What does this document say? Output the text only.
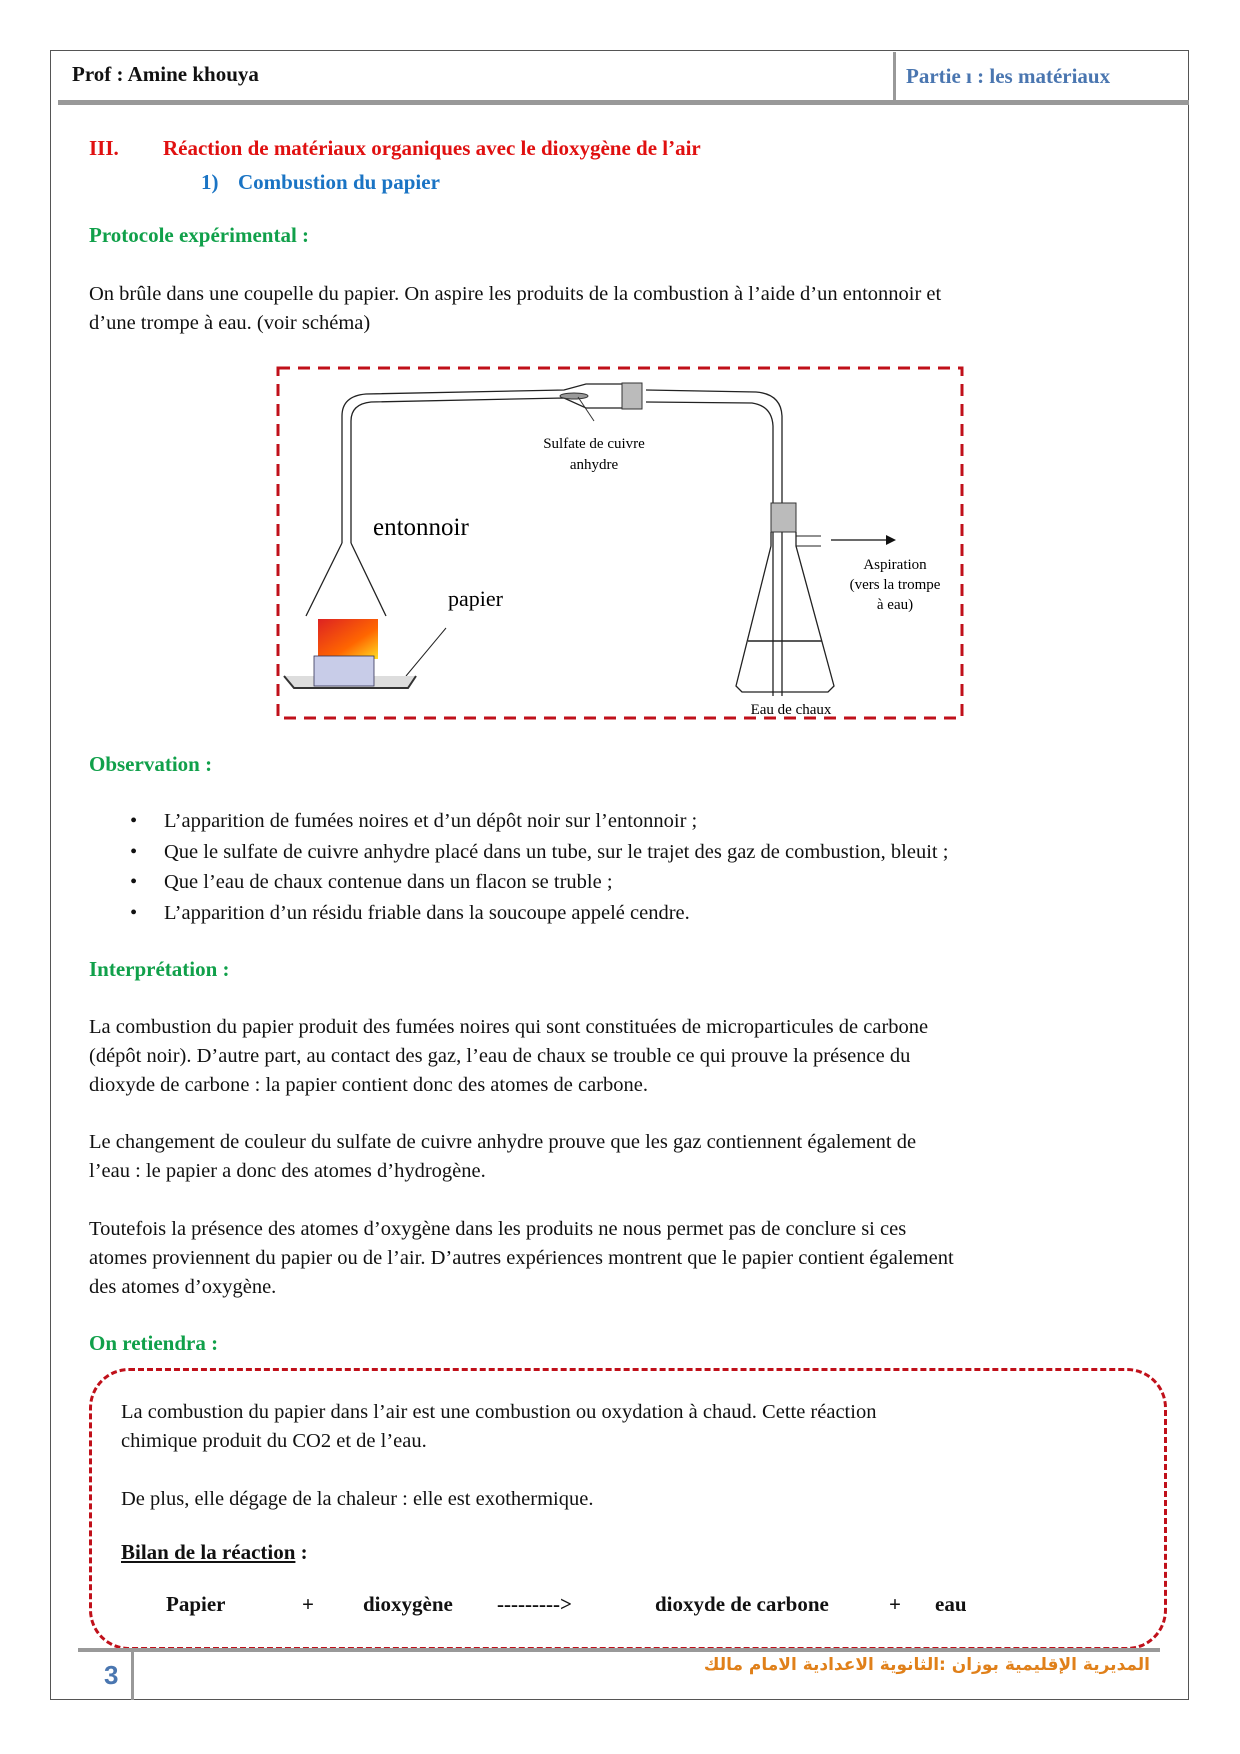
Prof : Amine khouya	Partie ı : les matériaux
III. Réaction de matériaux organiques avec le dioxygène de l’air
1) Combustion du papier
Protocole expérimental :
On brûle dans une coupelle du papier. On aspire les produits de la combustion à l’aide d’un entonnoir et
d’une trompe à eau. (voir schéma)
Sulfate de cuivre
anhydre
entonnoir
papier
Aspiration
(vers la trompe
à eau)
Eau de chaux
Observation :
• L’apparition de fumées noires et d’un dépôt noir sur l’entonnoir ;
• Que le sulfate de cuivre anhydre placé dans un tube, sur le trajet des gaz de combustion, bleuit ;
• Que l’eau de chaux contenue dans un flacon se truble ;
• L’apparition d’un résidu friable dans la soucoupe appelé cendre.
Interprétation :
La combustion du papier produit des fumées noires qui sont constituées de microparticules de carbone
(dépôt noir). D’autre part, au contact des gaz, l’eau de chaux se trouble ce qui prouve la présence du
dioxyde de carbone : la papier contient donc des atomes de carbone.
Le changement de couleur du sulfate de cuivre anhydre prouve que les gaz contiennent également de
l’eau : le papier a donc des atomes d’hydrogène.
Toutefois la présence des atomes d’oxygène dans les produits ne nous permet pas de conclure si ces
atomes proviennent du papier ou de l’air. D’autres expériences montrent que le papier contient également
des atomes d’oxygène.
On retiendra :
La combustion du papier dans l’air est une combustion ou oxydation à chaud. Cette réaction
chimique produit du CO2 et de l’eau.
De plus, elle dégage de la chaleur : elle est exothermique.
Bilan de la réaction :
Papier	+ dioxygène --------->	dioxyde de carbone	+ eau
3	المديرية الإقليمية بوزان :الثانوية الاعدادية الامام مالك
